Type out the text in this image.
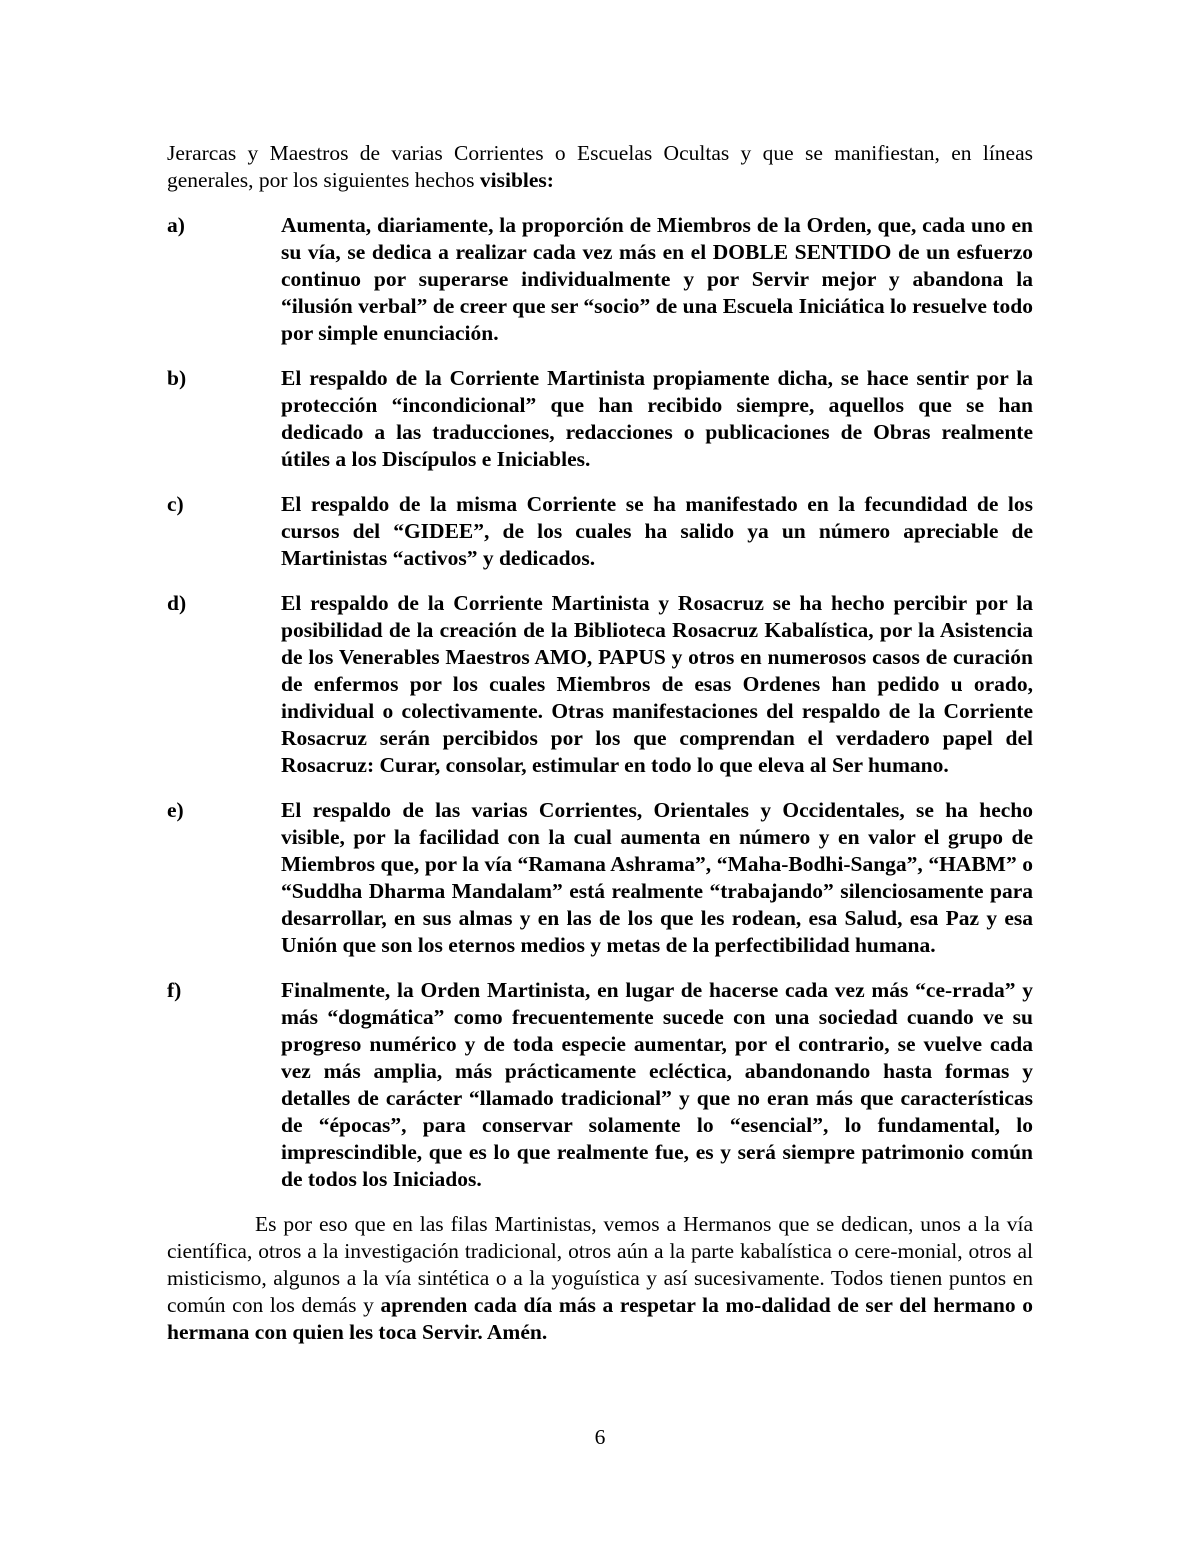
Jerarcas y Maestros de varias Corrientes o Escuelas Ocultas y que se manifiestan, en líneas generales, por los siguientes hechos visibles:

a)	Aumenta, diariamente, la proporción de Miembros de la Orden, que, cada uno en su vía, se dedica a realizar cada vez más en el DOBLE SENTIDO de un esfuerzo continuo por superarse individualmente y por Servir mejor y abandona la “ilusión verbal” de creer que ser “socio” de una Escuela Iniciática lo resuelve todo por simple enunciación.
b)	El respaldo de la Corriente Martinista propiamente dicha, se hace sentir por la protección “incondicional” que han recibido siempre, aquellos que se han dedicado a las traducciones, redacciones o publicaciones de Obras realmente útiles a los Discípulos e Iniciables.
c)	El respaldo de la misma Corriente se ha manifestado en la fecundidad de los cursos del “GIDEE”, de los cuales ha salido ya un número apreciable de Martinistas “activos” y dedicados.
d)	El respaldo de la Corriente Martinista y Rosacruz se ha hecho percibir por la posibilidad de la creación de la Biblioteca Rosacruz Kabalística, por la Asistencia de los Venerables Maestros AMO, PAPUS y otros en numerosos casos de curación de enfermos por los cuales Miembros de esas Ordenes han pedido u orado, individual o colectivamente. Otras manifestaciones del respaldo de la Corriente Rosacruz serán percibidos por los que comprendan el verdadero papel del Rosacruz: Curar, consolar, estimular en todo lo que eleva al Ser humano.
e)	El respaldo de las varias Corrientes, Orientales y Occidentales, se ha hecho visible, por la facilidad con la cual aumenta en número y en valor el grupo de Miembros que, por la vía “Ramana Ashrama”, “Maha-Bodhi-Sanga”, “HABM” o “Suddha Dharma Mandalam” está realmente “trabajando” silenciosamente para desarrollar, en sus almas y en las de los que les rodean, esa Salud, esa Paz y esa Unión que son los eternos medios y metas de la perfectibilidad humana.
f)	Finalmente, la Orden Martinista, en lugar de hacerse cada vez más “ce-rrada” y más “dogmática” como frecuentemente sucede con una sociedad cuando ve su progreso numérico y de toda especie aumentar, por el contrario, se vuelve cada vez más amplia, más prácticamente ecléctica, abandonando hasta formas y detalles de carácter “llamado tradicional” y que no eran más que características de “épocas”, para conservar solamente lo “esencial”, lo fundamental, lo imprescindible, que es lo que realmente fue, es y será siempre patrimonio común de todos los Iniciados.

Es por eso que en las filas Martinistas, vemos a Hermanos que se dedican, unos a la vía científica, otros a la investigación tradicional, otros aún a la parte kabalística o cere-monial, otros al misticismo, algunos a la vía sintética o a la yoguística y así sucesivamente. Todos tienen puntos en común con los demás y aprenden cada día más a respetar la mo-dalidad de ser del hermano o hermana con quien les toca Servir. Amén.

6
